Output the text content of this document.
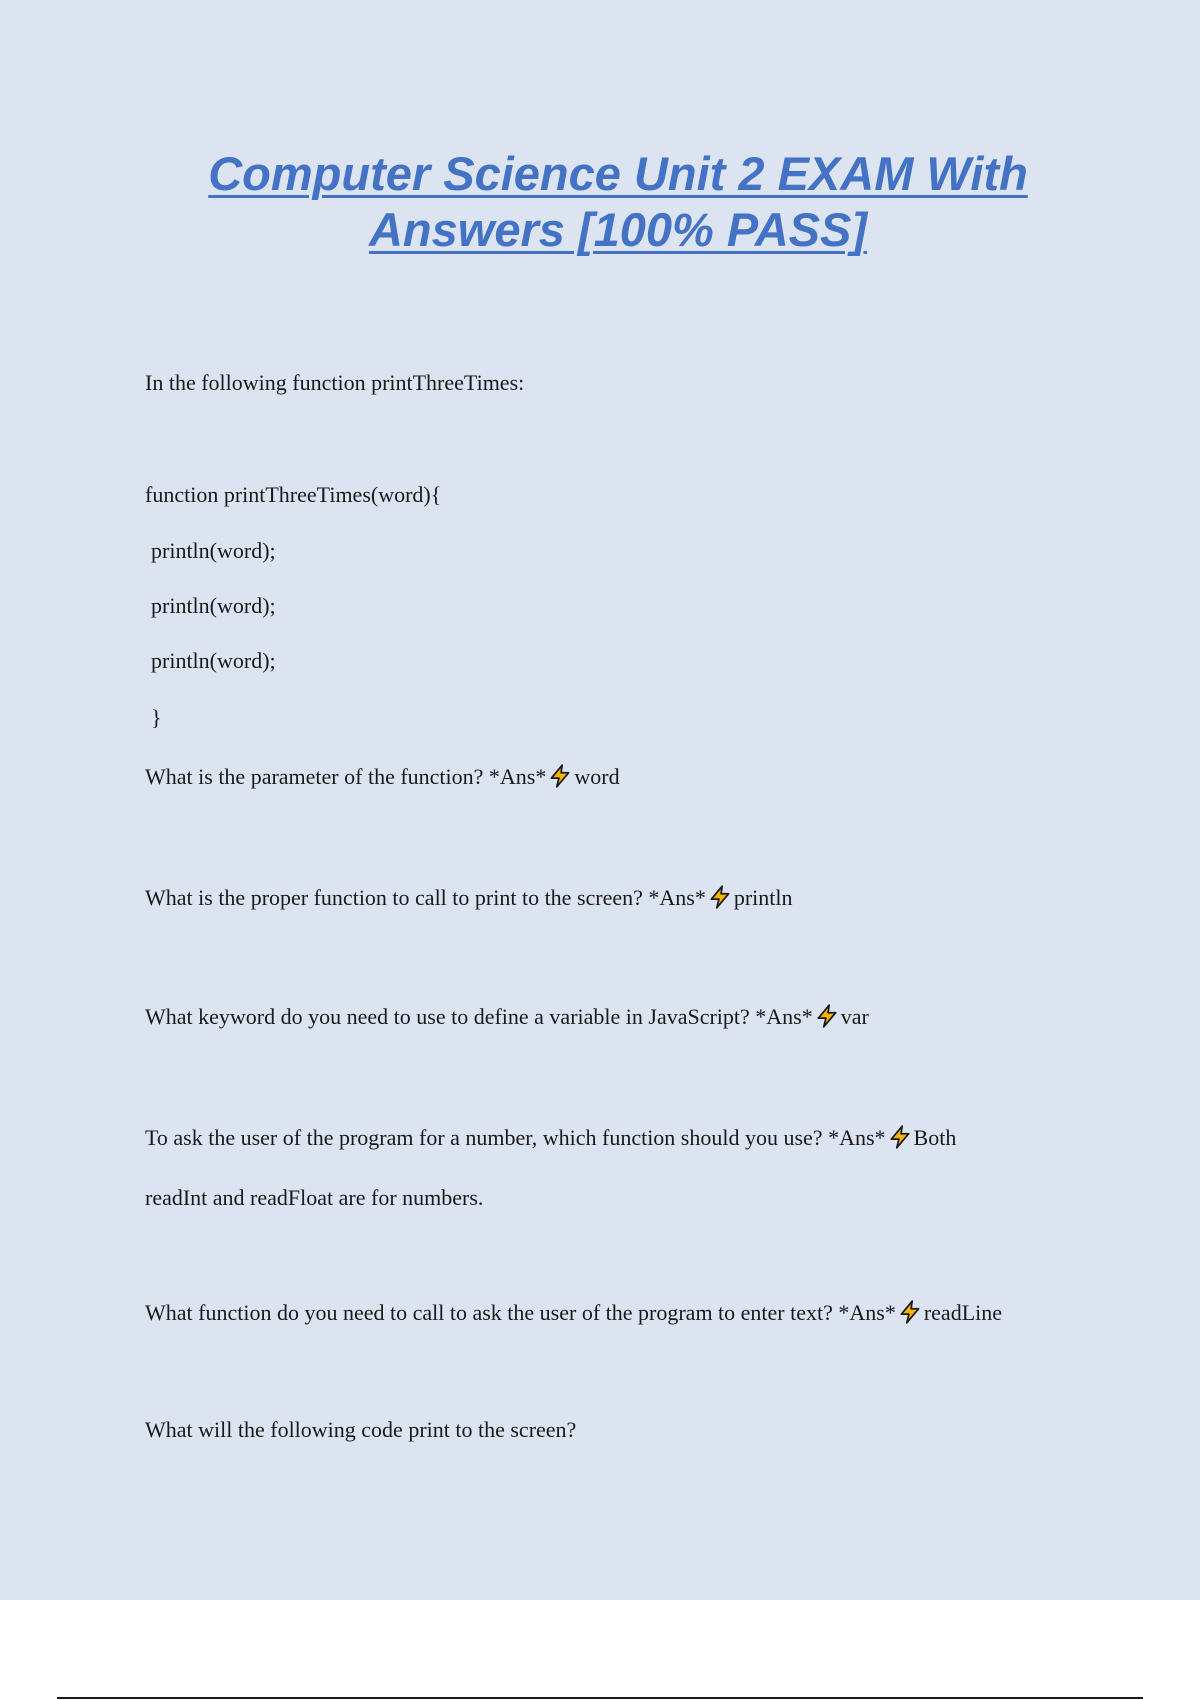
Computer Science Unit 2 EXAM With
Answers [100% PASS]

In the following function printThreeTimes:

function printThreeTimes(word){

println(word);

println(word);

println(word);

}

What is the parameter of the function? *Ans* word

What is the proper function to call to print to the screen? *Ans* println

What keyword do you need to use to define a variable in JavaScript? *Ans* var

To ask the user of the program for a number, which function should you use? *Ans* Both

readInt and readFloat are for numbers.

What function do you need to call to ask the user of the program to enter text? *Ans* readLine

What will the following code print to the screen?
